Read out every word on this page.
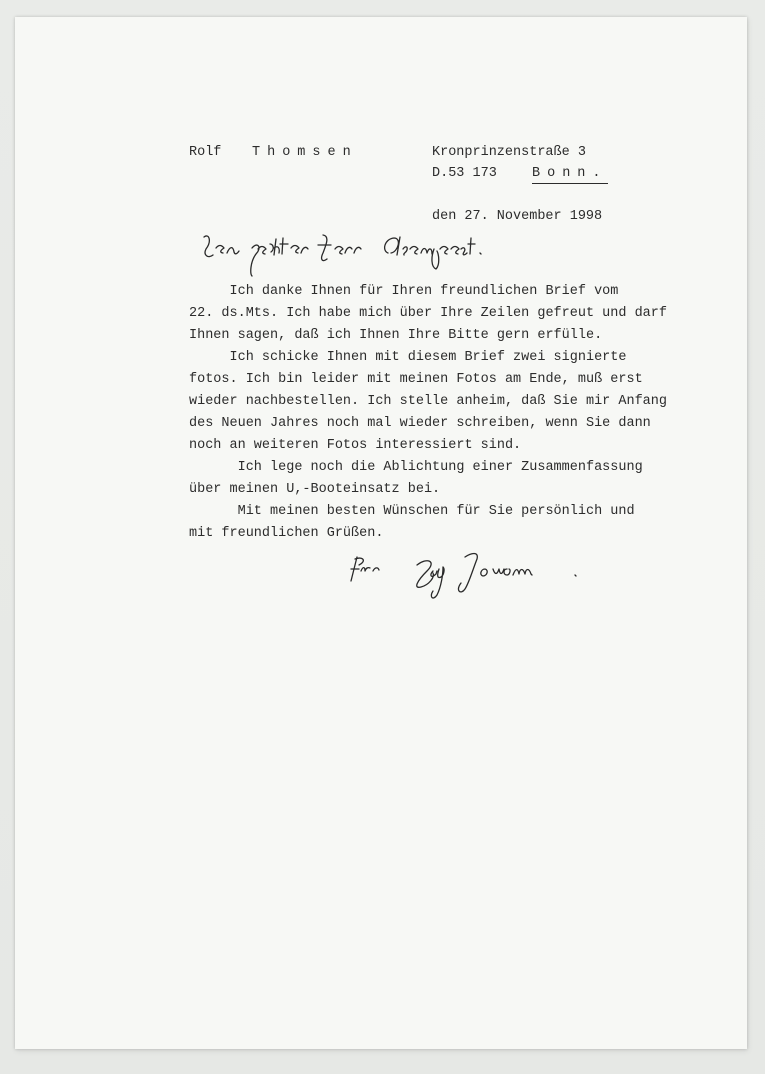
Rolf Thomsen	Kronprinzenstraße 3
D.53 173	Bonn.
den 27. November 1998
Ich danke Ihnen für Ihren freundlichen Brief vom
22. ds.Mts. Ich habe mich über Ihre Zeilen gefreut und darf
Ihnen sagen, daß ich Ihnen Ihre Bitte gern erfülle.
Ich schicke Ihnen mit diesem Brief zwei signierte
fotos. Ich bin leider mit meinen Fotos am Ende, muß erst
wieder nachbestellen. Ich stelle anheim, daß Sie mir Anfang
des Neuen Jahres noch mal wieder schreiben, wenn Sie dann
noch an weiteren Fotos interessiert sind.
Ich lege noch die Ablichtung einer Zusammenfassung
über meinen U,-Booteinsatz bei.
Mit meinen besten Wünschen für Sie persönlich und
mit freundlichen Grüßen.
